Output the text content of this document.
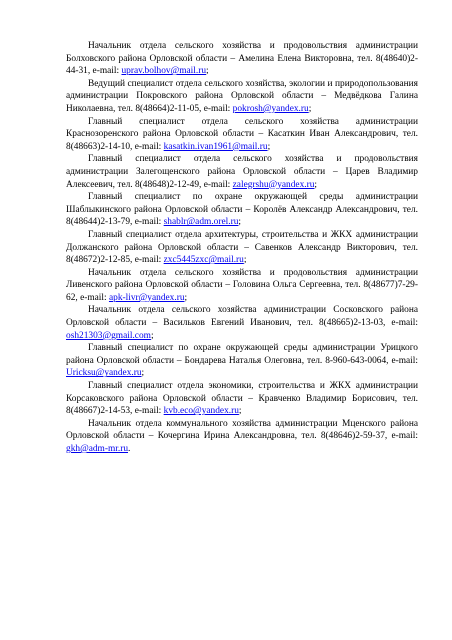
Начальник отдела сельского хозяйства и продовольствия администрации Болховского района Орловской области – Амелина Елена Викторовна, тел. 8(48640)2-44-31, e-mail: uprav.bolhov@mail.ru;

Ведущий специалист отдела сельского хозяйства, экологии и природопользования администрации Покровского района Орловской области – Медвёдкова Галина Николаевна, тел. 8(48664)2-11-05, e-mail: pokrosh@yandex.ru;

Главный специалист отдела сельского хозяйства администрации Краснозоренского района Орловской области – Касаткин Иван Александрович, тел. 8(48663)2-14-10, e-mail: kasatkin.ivan1961@mail.ru;

Главный специалист отдела сельского хозяйства и продовольствия администрации Залегощенского района Орловской области – Царев Владимир Алексеевич, тел. 8(48648)2-12-49, e-mail: zalegrshu@yandex.ru;

Главный специалист по охране окружающей среды администрации Шаблыкинского района Орловской области – Королёв Александр Александрович, тел. 8(48644)2-13-79, e-mail: shablr@adm.orel.ru;

Главный специалист отдела архитектуры, строительства и ЖКХ администрации Должанского района Орловской области – Савенков Александр Викторович, тел. 8(48672)2-12-85, e-mail: zxc5445zxc@mail.ru;

Начальник отдела сельского хозяйства и продовольствия администрации Ливенского района Орловской области – Головина Ольга Сергеевна, тел. 8(48677)7-29-62, e-mail: apk-livr@yandex.ru;

Начальник отдела сельского хозяйства администрации Сосковского района Орловской области – Васильков Евгений Иванович, тел. 8(48665)2-13-03, e-mail: osh21303@gmail.com;

Главный специалист по охране окружающей среды администрации Урицкого района Орловской области – Бондарева Наталья Олеговна, тел. 8-960-643-0064, e-mail: Uricksu@yandex.ru;

Главный специалист отдела экономики, строительства и ЖКХ администрации Корсаковского района Орловской области – Кравченко Владимир Борисович, тел. 8(48667)2-14-53, e-mail: kvb.eco@yandex.ru;

Начальник отдела коммунального хозяйства администрации Мценского района Орловской области – Кочергина Ирина Александровна, тел. 8(48646)2-59-37, e-mail: gkh@adm-mr.ru.
